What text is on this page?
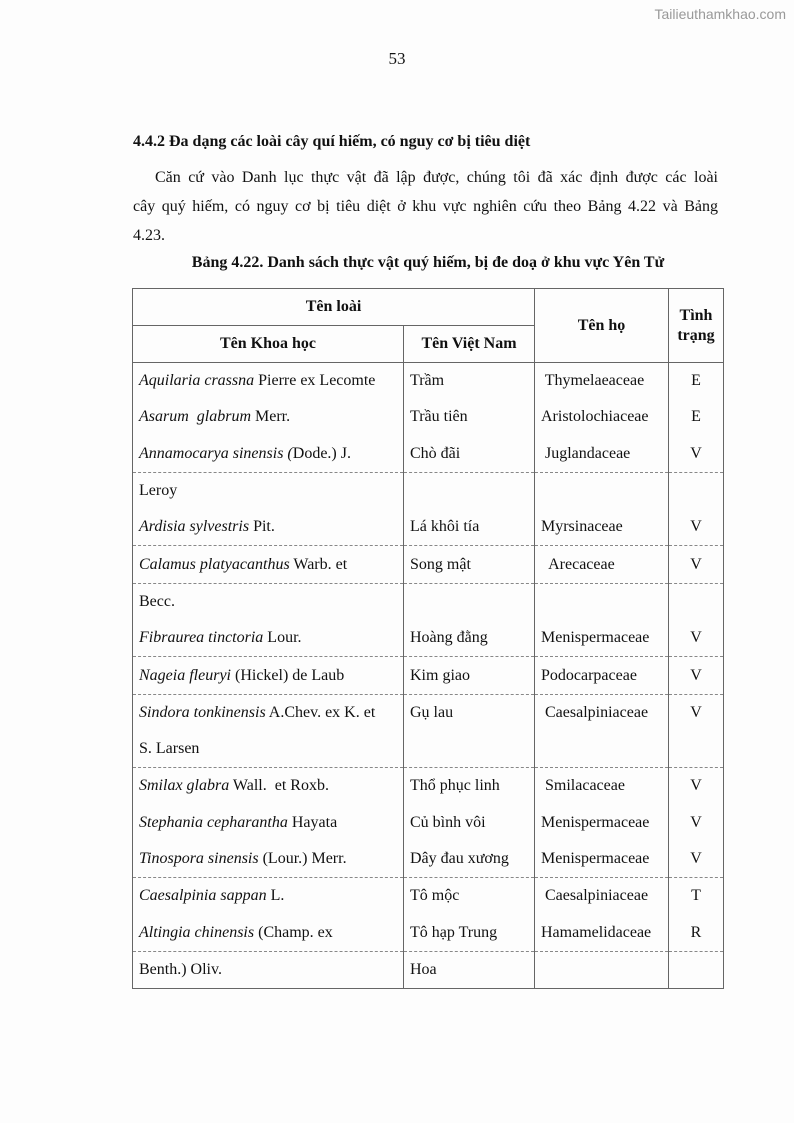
Tailieuthamkhao.com
53
4.4.2 Đa dạng các loài cây quí hiếm, có nguy cơ bị tiêu diệt
Căn cứ vào Danh lục thực vật đã lập được, chúng tôi đã xác định được các loài
cây quý hiếm, có nguy cơ bị tiêu diệt ở khu vực nghiên cứu theo Bảng 4.22 và Bảng
4.23.
Bảng 4.22. Danh sách thực vật quý hiếm, bị đe doạ ở khu vực Yên Tử
Tên loài		Tên họ	Tình
trạng
Tên Khoa học	Tên Việt Nam		
Aquilaria crassna Pierre ex Lecomte	Trầm	Thymelaeaceae	E
Asarum  glabrum Merr.	Trầu tiên	Aristolochiaceae	E
Annamocarya sinensis (Dode.) J.	Chò đãi	Juglandaceae	V
Leroy			
Ardisia sylvestris Pit.	Lá khôi tía	Myrsinaceae	V
Calamus platyacanthus Warb. et	Song mật	Arecaceae	V
Becc.			
Fibraurea tinctoria Lour.	Hoàng đằng	Menispermaceae	V
Nageia fleuryi (Hickel) de Laub	Kim giao	Podocarpaceae	V
Sindora tonkinensis A.Chev. ex K. et	Gụ lau	Caesalpiniaceae	V
S. Larsen			
Smilax glabra Wall.  et Roxb.	Thổ phục linh	Smilacaceae	V
Stephania cepharantha Hayata	Củ bình vôi	Menispermaceae	V
Tinospora sinensis (Lour.) Merr.	Dây đau xương	Menispermaceae	V
Caesalpinia sappan L.	Tô mộc	Caesalpiniaceae	T
Altingia chinensis (Champ. ex	Tô hạp Trung	Hamamelidaceae	R
Benth.) Oliv.	Hoa		
